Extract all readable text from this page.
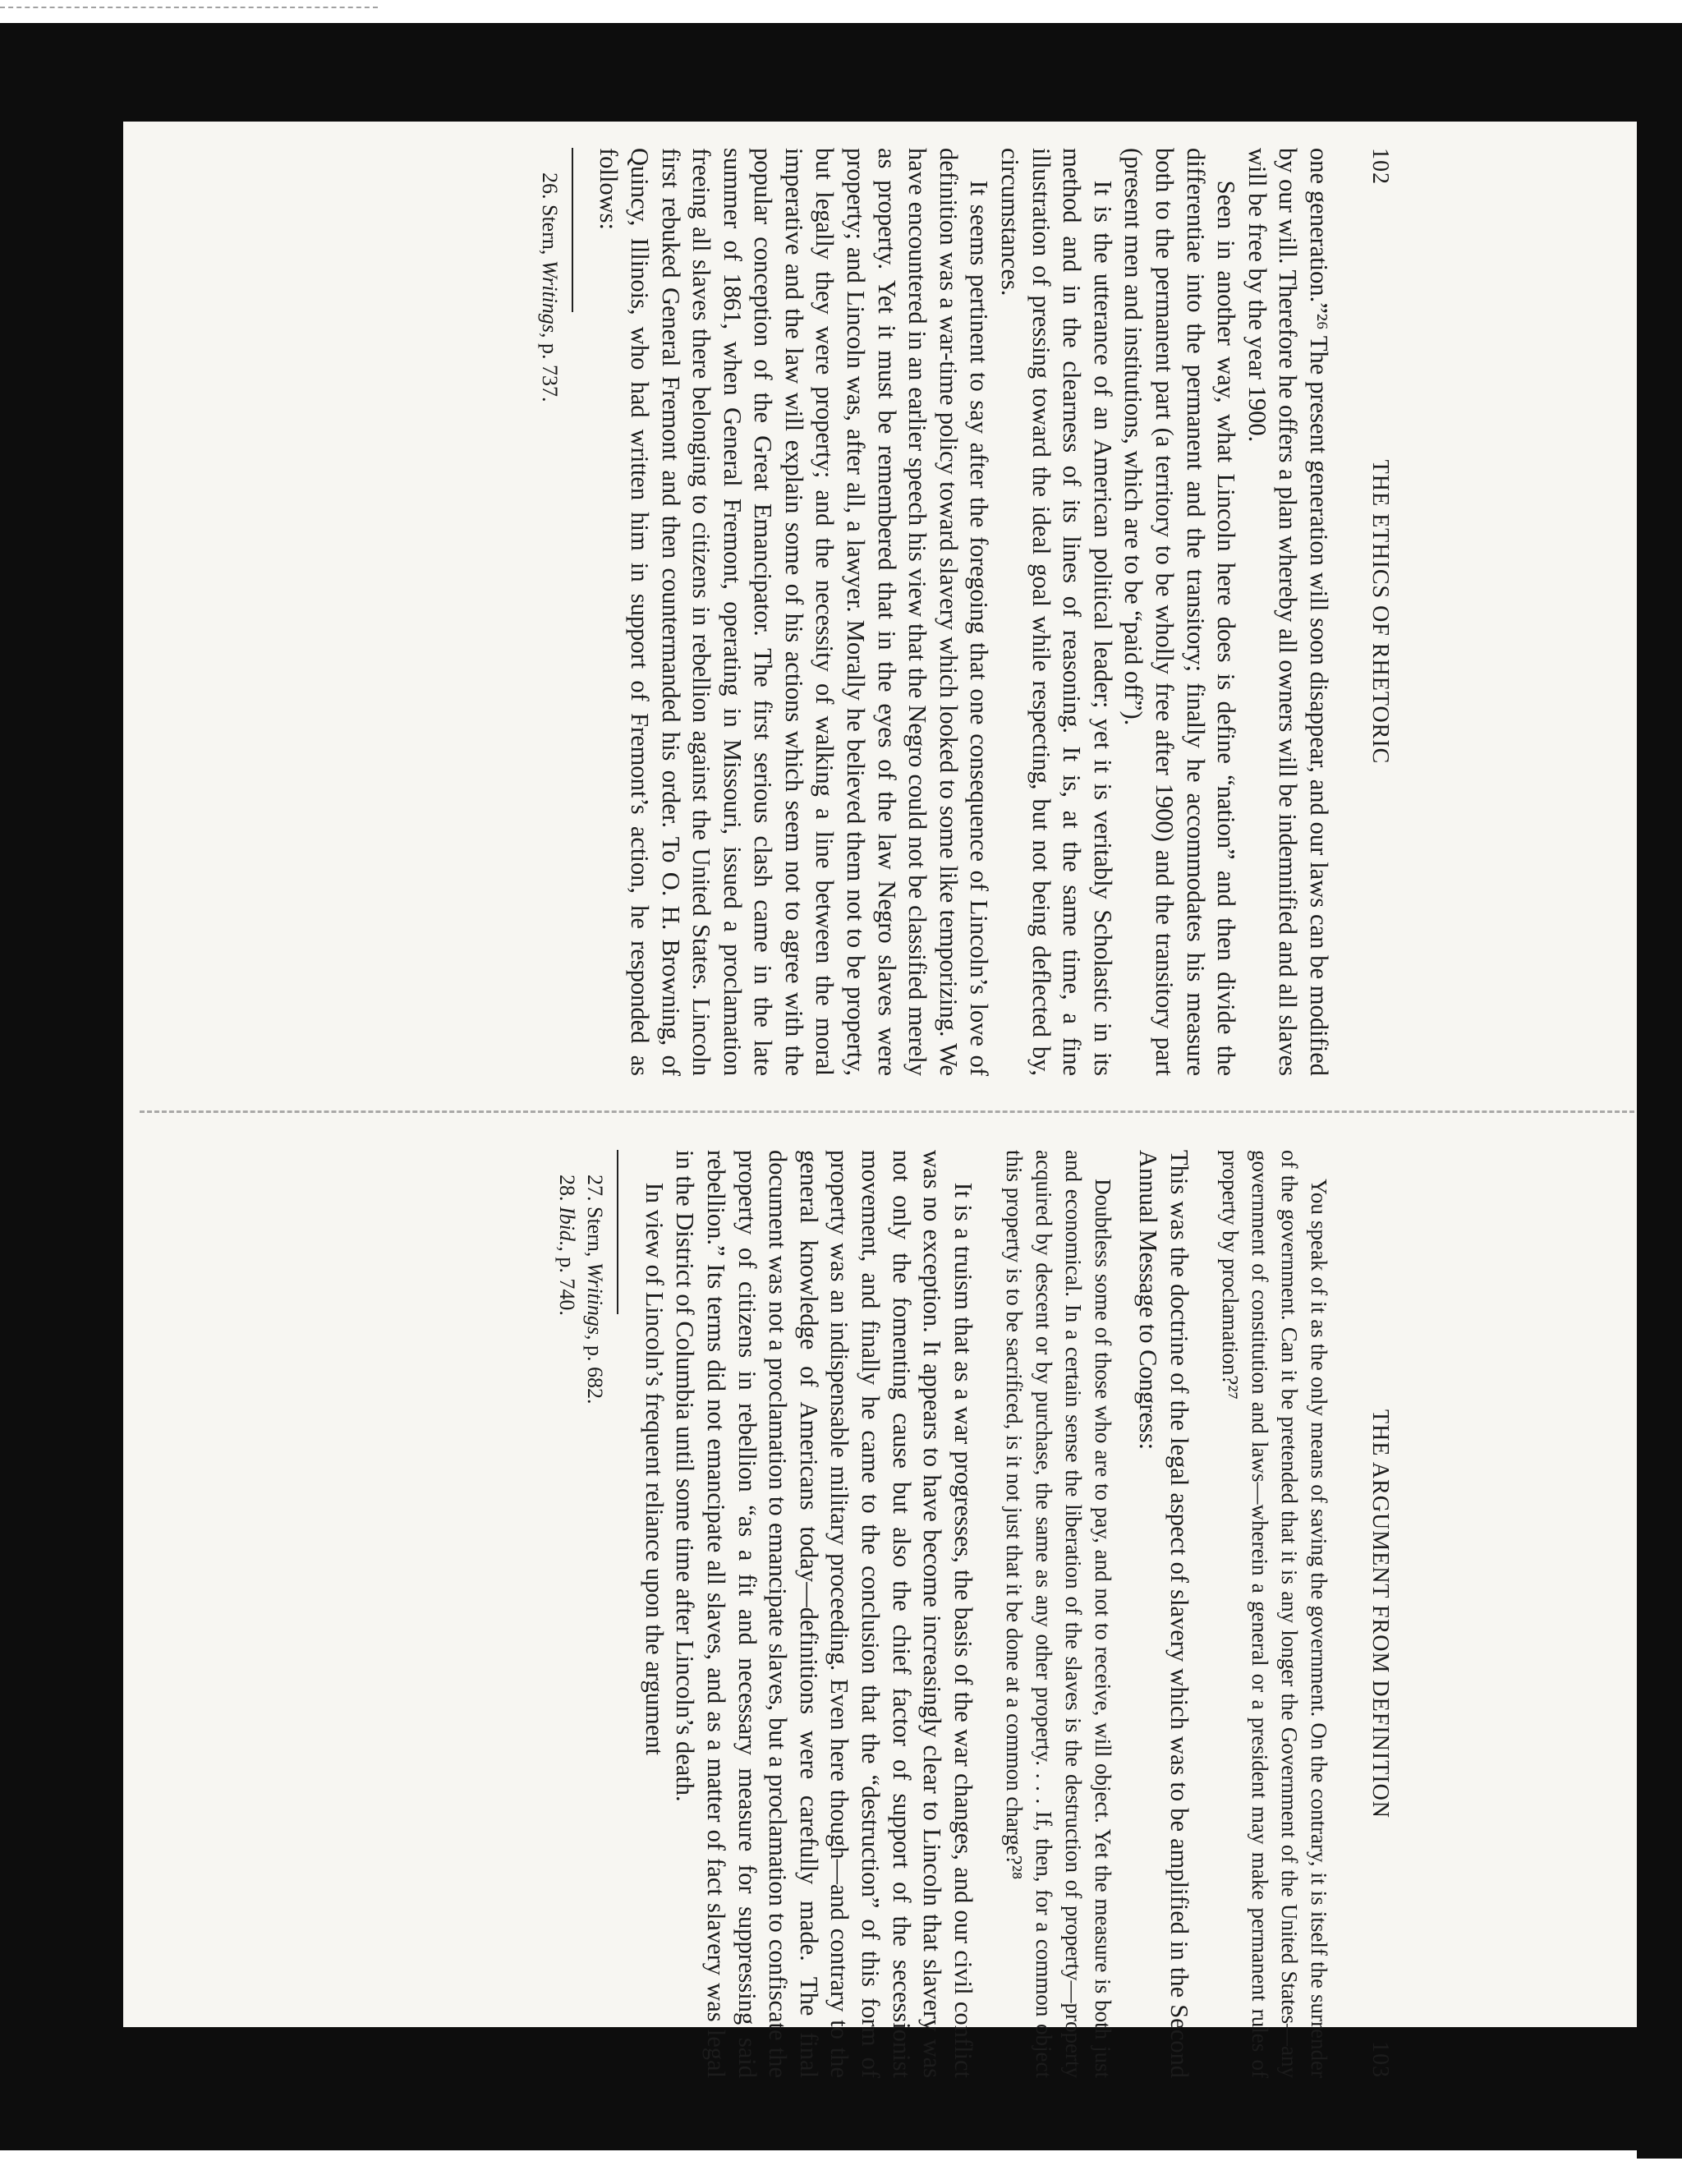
102
THE ETHICS OF RHETORIC

one generation.”²⁶ The present generation will soon disappear, and our laws can be modified by our will. Therefore he offers a plan whereby all owners will be indemnified and all slaves will be free by the year 1900.

Seen in another way, what Lincoln here does is define “nation” and then divide the differentiae into the permanent and the transitory; finally he accommodates his measure both to the permanent part (a territory to be wholly free after 1900) and the transitory part (present men and institutions, which are to be “paid off”).

It is the utterance of an American political leader; yet it is veritably Scholastic in its method and in the clearness of its lines of reasoning. It is, at the same time, a fine illustration of pressing toward the ideal goal while respecting, but not being deflected by, circumstances.

It seems pertinent to say after the foregoing that one consequence of Lincoln’s love of definition was a war-time policy toward slavery which looked to some like temporizing. We have encountered in an earlier speech his view that the Negro could not be classified merely as property. Yet it must be remembered that in the eyes of the law Negro slaves were property; and Lincoln was, after all, a lawyer. Morally he believed them not to be property, but legally they were property; and the necessity of walking a line between the moral imperative and the law will explain some of his actions which seem not to agree with the popular conception of the Great Emancipator. The first serious clash came in the late summer of 1861, when General Fremont, operating in Missouri, issued a proclamation freeing all slaves there belonging to citizens in rebellion against the United States. Lincoln first rebuked General Fremont and then countermanded his order. To O. H. Browning, of Quincy, Illinois, who had written him in support of Fremont’s action, he responded as follows:

26. Stern, Writings, p. 737.
THE ARGUMENT FROM DEFINITION
103

You speak of it as the only means of saving the government. On the contrary, it is itself the surrender of the government. Can it be pretended that it is any longer the Government of the United States—any government of constitution and laws—wherein a general or a president may make permanent rules of property by proclamation?²⁷

This was the doctrine of the legal aspect of slavery which was to be amplified in the Second Annual Message to Congress:

Doubtless some of those who are to pay, and not to receive, will object. Yet the measure is both just and economical. In a certain sense the liberation of the slaves is the destruction of property—property acquired by descent or by purchase, the same as any other property. . . . If, then, for a common object this property is to be sacrificed, is it not just that it be done at a common charge?²⁸

It is a truism that as a war progresses, the basis of the war changes, and our civil conflict was no exception. It appears to have become increasingly clear to Lincoln that slavery was not only the fomenting cause but also the chief factor of support of the secessionist movement, and finally he came to the conclusion that the “destruction” of this form of property was an indispensable military proceeding. Even here though—and contrary to the general knowledge of Americans today—definitions were carefully made. The final document was not a proclamation to emancipate slaves, but a proclamation to confiscate the property of citizens in rebellion “as a fit and necessary measure for suppressing said rebellion.” Its terms did not emancipate all slaves, and as a matter of fact slavery was legal in the District of Columbia until some time after Lincoln’s death.

In view of Lincoln’s frequent reliance upon the argument

27. Stern, Writings, p. 682.
28. Ibid., p. 740.
